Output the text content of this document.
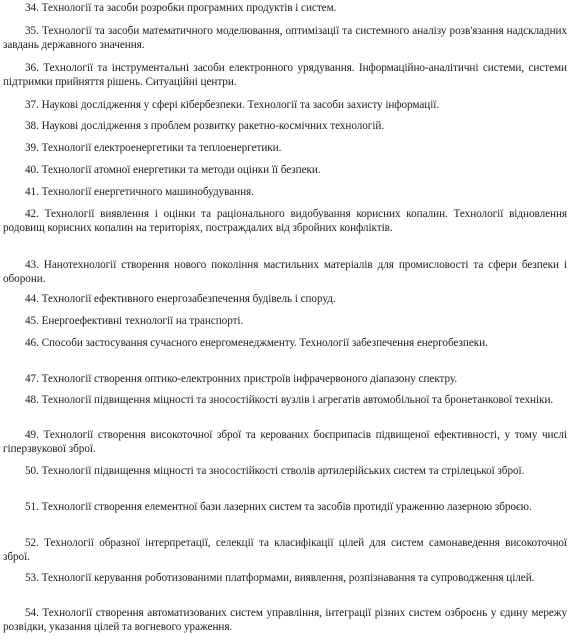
34. Технології та засоби розробки програмних продуктів і систем.

35. Технології та засоби математичного моделювання, оптимізації та системного аналізу розв'язання надскладних завдань державного значення.

36. Технології та інструментальні засоби електронного урядування. Інформаційно-аналітичні системи, системи підтримки прийняття рішень. Ситуаційні центри.

37. Наукові дослідження у сфері кібербезпеки. Технології та засоби захисту інформації.

38. Наукові дослідження з проблем розвитку ракетно-космічних технологій.

39. Технології електроенергетики та теплоенергетики.

40. Технології атомної енергетики та методи оцінки її безпеки.

41. Технології енергетичного машинобудування.

42. Технології виявлення і оцінки та раціонального видобування корисних копалин. Технології відновлення родовищ корисних копалин на територіях, постраждалих від збройних конфліктів.

43. Нанотехнології створення нового покоління мастильних матеріалів для промисловості та сфери безпеки і оборони.

44. Технології ефективного енергозабезпечення будівель і споруд.

45. Енергоефективні технології на транспорті.

46. Способи застосування сучасного енергоменеджменту. Технології забезпечення енергобезпеки.

47. Технології створення оптико-електронних пристроїв інфрачервоного діапазону спектру.

48. Технології підвищення міцності та зносостійкості вузлів і агрегатів автомобільної та бронетанкової техніки.

49. Технології створення високоточної зброї та керованих боєприпасів підвищеної ефективності, у тому числі гіперзвукової зброї.

50. Технології підвищення міцності та зносостійкості стволів артилерійських систем та стрілецької зброї.

51. Технології створення елементної бази лазерних систем та засобів протидії ураженню лазерною зброєю.

52. Технології образної інтерпретації, селекції та класифікації цілей для систем самонаведення високоточної зброї.

53. Технології керування роботизованими платформами, виявлення, розпізнавання та супроводження цілей.

54. Технології створення автоматизованих систем управління, інтеграції різних систем озброєнь у єдину мережу розвідки, указання цілей та вогневого ураження.
